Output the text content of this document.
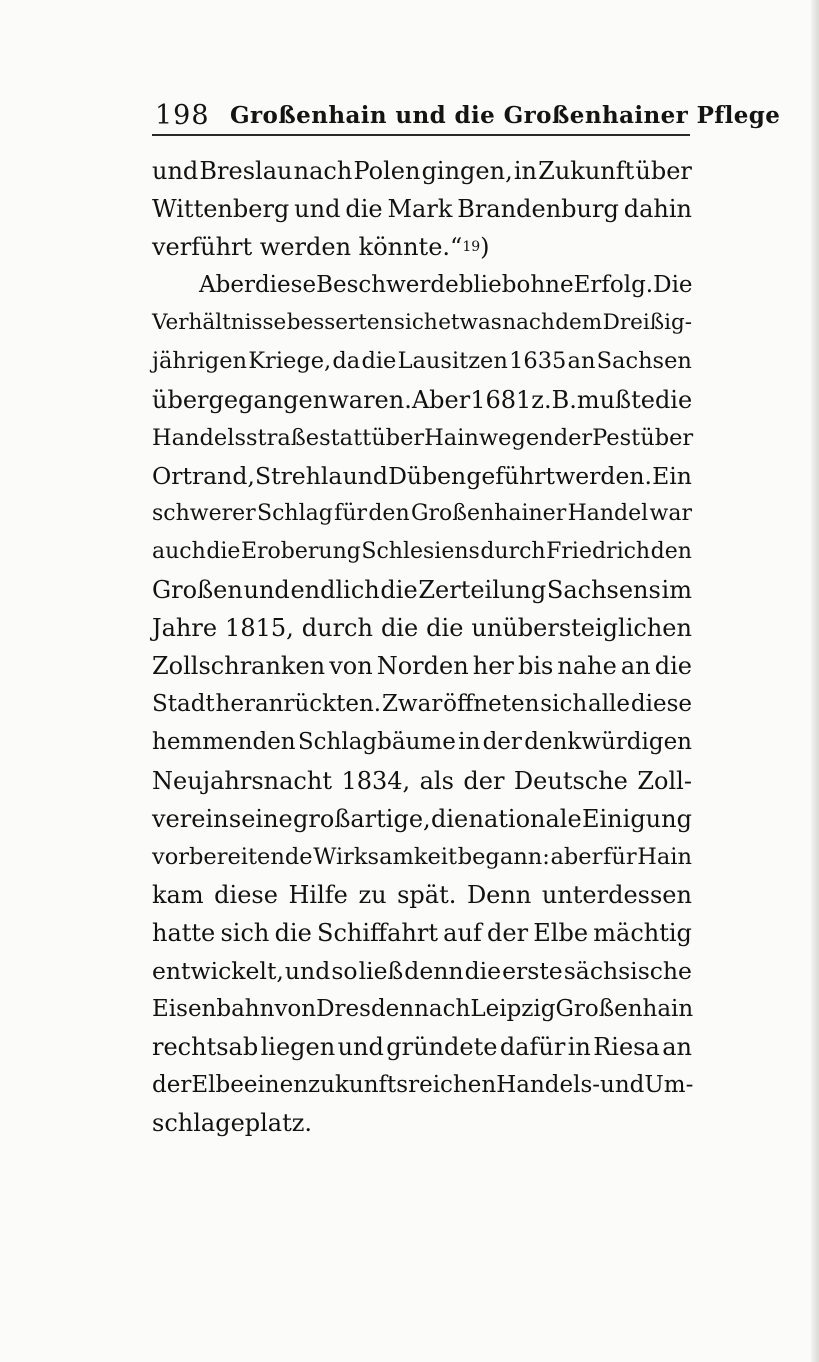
198 Großenhain und die Großenhainer Pflege
und Breslau nach Polen gingen, in Zukunft über
Wittenberg und die Mark Brandenburg dahin
verführt werden könnte.“ 19 )
Aber diese Beschwerde blieb ohne Erfolg. Die
Verhältnisse besserten sich etwas nach dem Dreißig-
jährigen Kriege, da die Lausitzen 1635 an Sachsen
übergegangen waren. Aber 1681 z. B. mußte die
Handelsstraße statt über Hain wegen der Pest über
Ortrand, Strehla und Düben geführt werden. Ein
schwerer Schlag für den Großenhainer Handel war
auch die Eroberung Schlesiens durch Friedrich den
Großen und endlich die Zerteilung Sachsens im
Jahre 1815, durch die die unübersteiglichen
Zollschranken von Norden her bis nahe an die
Stadt heranrückten. Zwar öffneten sich alle diese
hemmenden Schlagbäume in der denkwürdigen
Neujahrsnacht 1834, als der Deutsche Zoll-
verein seine großartige, die nationale Einigung
vorbereitende Wirksamkeit begann: aber für Hain
kam diese Hilfe zu spät. Denn unterdessen
hatte sich die Schiffahrt auf der Elbe mächtig
entwickelt, und so ließ denn die erste sächsische
Eisenbahn von Dresden nach Leipzig Großenhain
rechtsab liegen und gründete dafür in Riesa an
der Elbe einen zukunftsreichen Handels- und Um-
schlageplatz.
